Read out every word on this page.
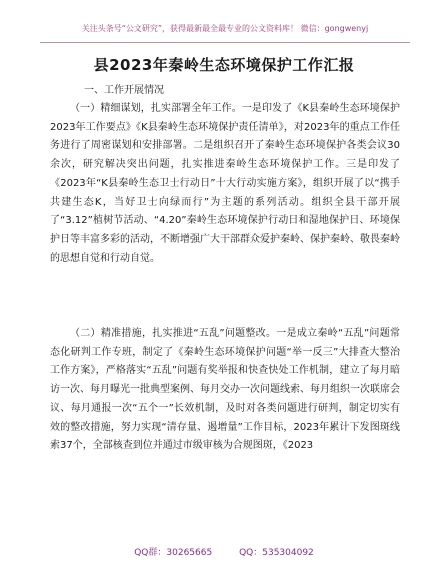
关注头条号“公文研究”，获得最新最全最专业的公文资料库！ 微信：gongwenyj
县2023年秦岭生态环境保护工作汇报
一、工作开展情况

（一）精细谋划，扎实部署全年工作。一是印发了《K县秦岭生态环境保护2023年工作要点》《K县秦岭生态环境保护责任清单》，对2023年的重点工作任务进行了周密谋划和安排部署。二是组织召开了秦岭生态环境保护各类会议30余次，研究解决突出问题，扎实推进秦岭生态环境保护工作。三是印发了《2023年“K县秦岭生态卫士行动日”十大行动实施方案》，组织开展了以“携手共建生态K，当好卫士向绿而行”为主题的系列活动。组织全县干部开展了“3.12”植树节活动、“4.20”秦岭生态环境保护行动日和湿地保护日、环境保护日等丰富多彩的活动，不断增强广大干部群众爱护秦岭、保护秦岭、敬畏秦岭的思想自觉和行动自觉。

（二）精准措施，扎实推进“五乱”问题整改。一是成立秦岭“五乱”问题常态化研判工作专班，制定了《秦岭生态环境保护问题“举一反三”大排查大整治工作方案》，严格落实“五乱”问题有奖举报和快查快处工作机制，建立了每月暗访一次、每月曝光一批典型案例、每月交办一次问题线索、每月组织一次联席会议、每月通报一次“五个一”长效机制，及时对各类问题进行研判，制定切实有效的整改措施，努力实现“清存量、遏增量”工作目标，2023年累计下发图斑线索37个，全部核查到位并通过市级审核为合规图斑，《2023

QQ群：30265665	QQ：535304092
